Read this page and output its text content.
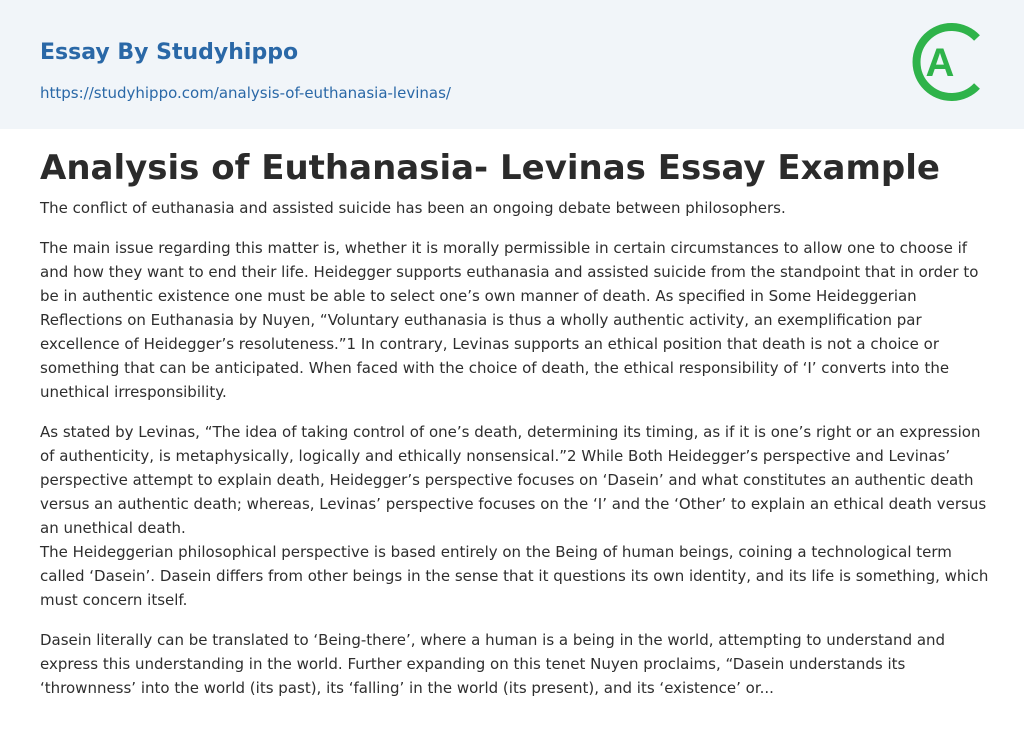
Essay By Studyhippo
https://studyhippo.com/analysis-of-euthanasia-levinas/
A
Analysis of Euthanasia- Levinas Essay Example

The conflict of euthanasia and assisted suicide has been an ongoing debate between philosophers.

The main issue regarding this matter is, whether it is morally permissible in certain circumstances to allow one to choose if and how they want to end their life. Heidegger supports euthanasia and assisted suicide from the standpoint that in order to be in authentic existence one must be able to select one’s own manner of death. As specified in Some Heideggerian Reflections on Euthanasia by Nuyen, “Voluntary euthanasia is thus a wholly authentic activity, an exemplification par excellence of Heidegger’s resoluteness.”1 In contrary, Levinas supports an ethical position that death is not a choice or something that can be anticipated. When faced with the choice of death, the ethical responsibility of ‘I’ converts into the unethical irresponsibility.

As stated by Levinas, “The idea of taking control of one’s death, determining its timing, as if it is one’s right or an expression of authenticity, is metaphysically, logically and ethically nonsensical.”2 While Both Heidegger’s perspective and Levinas’ perspective attempt to explain death, Heidegger’s perspective focuses on ‘Dasein’ and what constitutes an authentic death versus an authentic death; whereas, Levinas’ perspective focuses on the ‘I’ and the ‘Other’ to explain an ethical death versus an unethical death.

The Heideggerian philosophical perspective is based entirely on the Being of human beings, coining a technological term called ‘Dasein’. Dasein differs from other beings in the sense that it questions its own identity, and its life is something, which must concern itself.

Dasein literally can be translated to ‘Being-there’, where a human is a being in the world, attempting to understand and express this understanding in the world. Further expanding on this tenet Nuyen proclaims, “Dasein understands its ‘thrownness’ into the world (its past), its ‘falling’ in the world (its present), and its ‘existence’ or...
